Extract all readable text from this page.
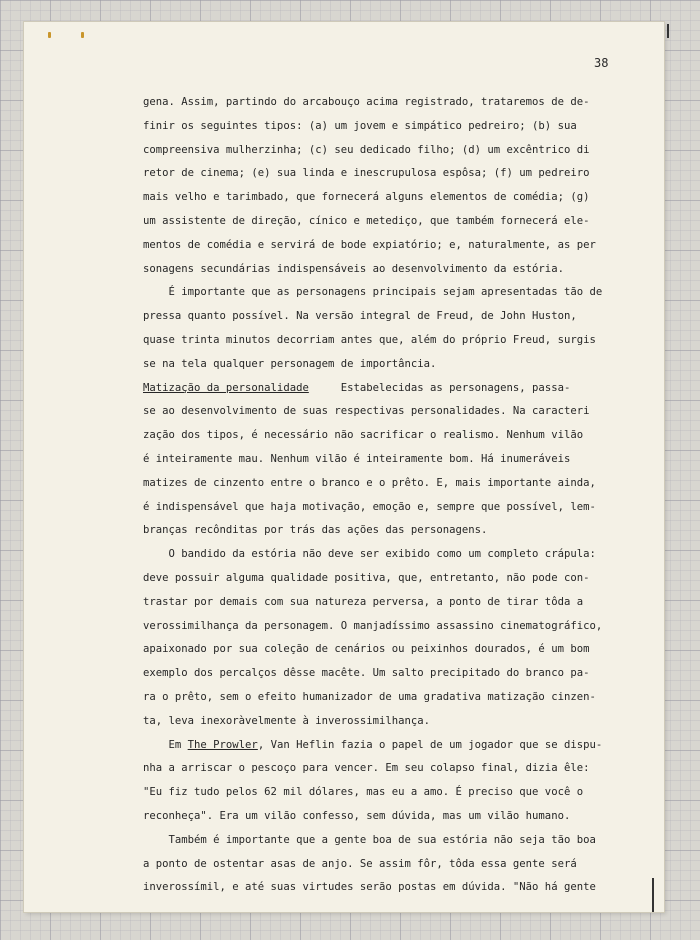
38
gena. Assim, partindo do arcabouço acima registrado, trataremos de de-
finir os seguintes tipos: (a) um jovem e simpático pedreiro; (b) sua
compreensiva mulherzinha; (c) seu dedicado filho; (d) um excêntrico di
retor de cinema; (e) sua linda e inescrupulosa espôsa; (f) um pedreiro
mais velho e tarimbado, que fornecerá alguns elementos de comédia; (g)
um assistente de direção, cínico e metediço, que também fornecerá ele-
mentos de comédia e servirá de bode expiatório; e, naturalmente, as per
sonagens secundárias indispensáveis ao desenvolvimento da estória.
É importante que as personagens principais sejam apresentadas tão de
pressa quanto possível. Na versão integral de Freud, de John Huston,
quase trinta minutos decorriam antes que, além do próprio Freud, surgis
se na tela qualquer personagem de importância.
Matização da personalidade     Estabelecidas as personagens, passa-
se ao desenvolvimento de suas respectivas personalidades. Na caracteri
zação dos tipos, é necessário não sacrificar o realismo. Nenhum vilão
é inteiramente mau. Nenhum vilão é inteiramente bom. Há inumeráveis
matizes de cinzento entre o branco e o prêto. E, mais importante ainda,
é indispensável que haja motivação, emoção e, sempre que possível, lem-
branças recônditas por trás das ações das personagens.
O bandido da estória não deve ser exibido como um completo crápula:
deve possuir alguma qualidade positiva, que, entretanto, não pode con-
trastar por demais com sua natureza perversa, a ponto de tirar tôda a
verossimilhança da personagem. O manjadíssimo assassino cinematográfico,
apaixonado por sua coleção de cenários ou peixinhos dourados, é um bom
exemplo dos percalços dêsse macête. Um salto precipitado do branco pa-
ra o prêto, sem o efeito humanizador de uma gradativa matização cinzen-
ta, leva inexoràvelmente à inverossimilhança.
Em The Prowler, Van Heflin fazia o papel de um jogador que se dispu-
nha a arriscar o pescoço para vencer. Em seu colapso final, dizia êle:
"Eu fiz tudo pelos 62 mil dólares, mas eu a amo. É preciso que você o
reconheça". Era um vilão confesso, sem dúvida, mas um vilão humano.
Também é importante que a gente boa de sua estória não seja tão boa
a ponto de ostentar asas de anjo. Se assim fôr, tôda essa gente será
inverossímil, e até suas virtudes serão postas em dúvida. "Não há gente
